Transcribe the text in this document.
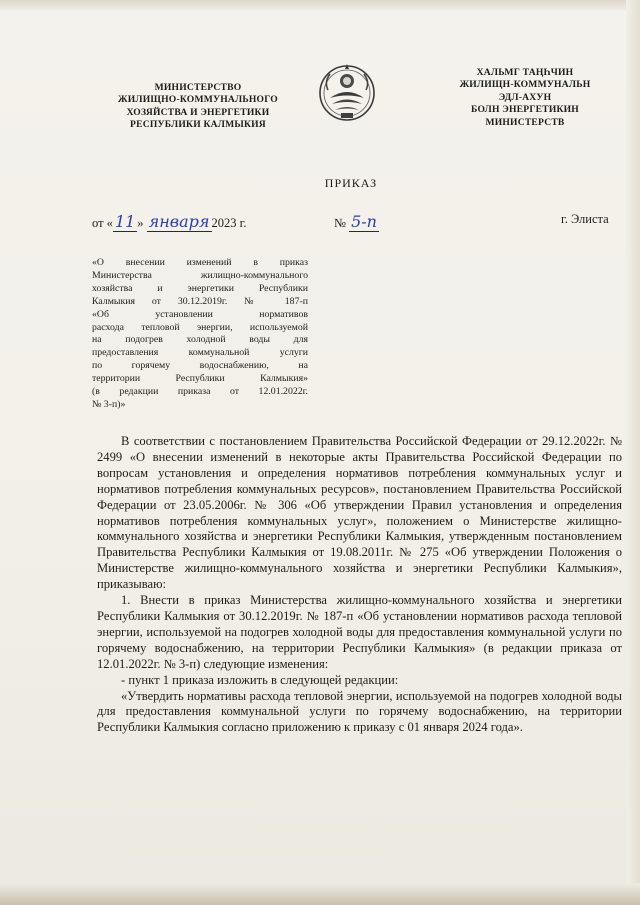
МИНИСТЕРСТВО
ЖИЛИЩНО-КОММУНАЛЬНОГО
ХОЗЯЙСТВА И ЭНЕРГЕТИКИ
РЕСПУБЛИКИ КАЛМЫКИЯ
ХАЛЬМГ ТАҢҺЧИН
ЖИЛИЩН-КОММУНАЛЬН
ЭДЛ-АХУН
БОЛН ЭНЕРГЕТИКИН
МИНИСТЕРСТВ
ПРИКАЗ
от « 11 » января 2023 г.	№ 5-п	г. Элиста
«О внесении изменений в приказ
Министерства жилищно-коммунального
хозяйства и энергетики Республики
Калмыкия от 30.12.2019г. № 187-п
«Об установлении нормативов
расхода тепловой энергии, используемой
на подогрев холодной воды для
предоставления коммунальной услуги
по горячему водоснабжению, на
территории Республики Калмыкия»
(в редакции приказа от 12.01.2022г.
№ 3-п)»

В соответствии с постановлением Правительства Российской Федерации от 29.12.2022г. № 2499 «О внесении изменений в некоторые акты Правительства Российской Федерации по вопросам установления и определения нормативов потребления коммунальных услуг и нормативов потребления коммунальных ресурсов», постановлением Правительства Российской Федерации от 23.05.2006г. № 306 «Об утверждении Правил установления и определения нормативов потребления коммунальных услуг», положением о Министерстве жилищно-коммунального хозяйства и энергетики Республики Калмыкия, утвержденным постановлением Правительства Республики Калмыкия от 19.08.2011г. № 275 «Об утверждении Положения о Министерстве жилищно-коммунального хозяйства и энергетики Республики Калмыкия», приказываю:

1. Внести в приказ Министерства жилищно-коммунального хозяйства и энергетики Республики Калмыкия от 30.12.2019г. № 187-п «Об установлении нормативов расхода тепловой энергии, используемой на подогрев холодной воды для предоставления коммунальной услуги по горячему водоснабжению, на территории Республики Калмыкия» (в редакции приказа от 12.01.2022г. № 3-п) следующие изменения:

- пункт 1 приказа изложить в следующей редакции:

«Утвердить нормативы расхода тепловой энергии, используемой на подогрев холодной воды для предоставления коммунальной услуги по горячему водоснабжению, на территории Республики Калмыкия согласно приложению к приказу с 01 января 2024 года».
